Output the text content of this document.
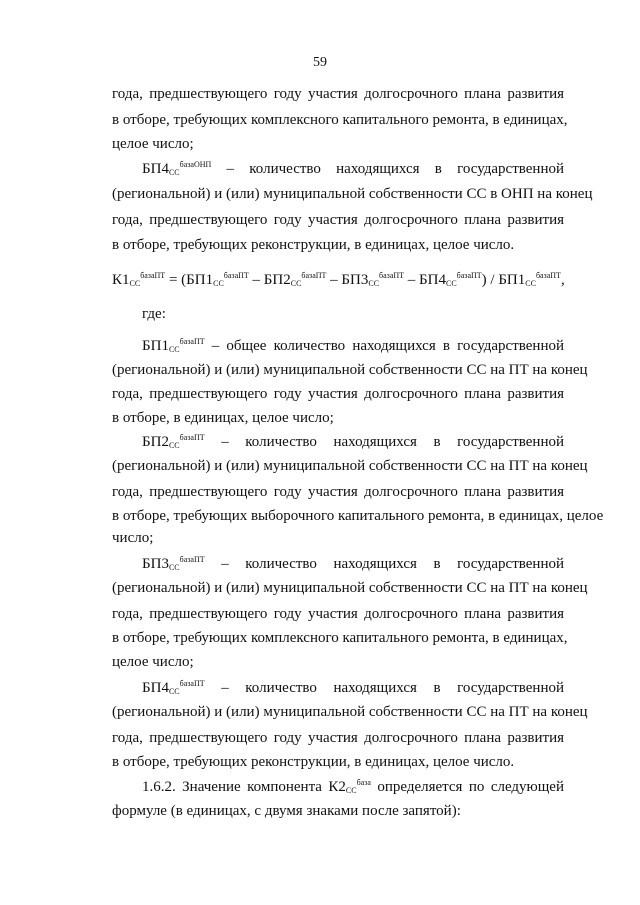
59
года, предшествующего году участия долгосрочного плана развития
в отборе, требующих комплексного капитального ремонта, в единицах,
целое число;
$БП4_{СС}^{базаОНП}$ – количество находящихся в государственной
(региональной) и (или) муниципальной собственности СС в ОНП на конец
года, предшествующего году участия долгосрочного плана развития
в отборе, требующих реконструкции, в единицах, целое число.
$К1_{СС}^{базаПТ} = (БП1_{СС}^{базаПТ} - БП2_{СС}^{базаПТ} - БП3_{СС}^{базаПТ} - БП4_{СС}^{базаПТ}) / БП1_{СС}^{базаПТ}$,
где:
$БП1_{СС}^{базаПТ}$ – общее количество находящихся в государственной
(региональной) и (или) муниципальной собственности СС на ПТ на конец
года, предшествующего году участия долгосрочного плана развития
в отборе, в единицах, целое число;
$БП2_{СС}^{базаПТ}$ – количество находящихся в государственной
(региональной) и (или) муниципальной собственности СС на ПТ на конец
года, предшествующего году участия долгосрочного плана развития
в отборе, требующих выборочного капитального ремонта, в единицах, целое
число;
$БП3_{СС}^{базаПТ}$ – количество находящихся в государственной
(региональной) и (или) муниципальной собственности СС на ПТ на конец
года, предшествующего году участия долгосрочного плана развития
в отборе, требующих комплексного капитального ремонта, в единицах,
целое число;
$БП4_{СС}^{базаПТ}$ – количество находящихся в государственной
(региональной) и (или) муниципальной собственности СС на ПТ на конец
года, предшествующего году участия долгосрочного плана развития
в отборе, требующих реконструкции, в единицах, целое число.
1.6.2. Значение компонента $К2_{СС}^{база}$ определяется по следующей
формуле (в единицах, с двумя знаками после запятой):
